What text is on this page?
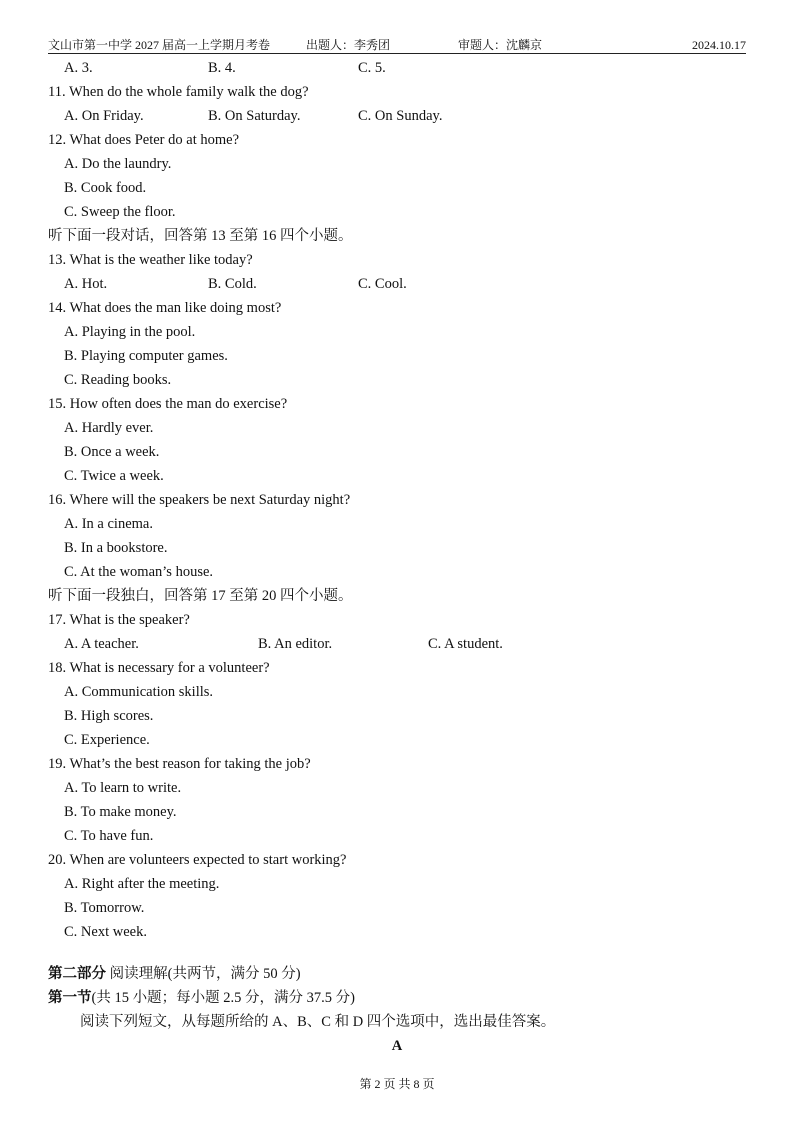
文山市第一中学 2027 届高一上学期月考卷	出题人：李秀团	审题人：沈麟京	2024.10.17
A. 3.	B. 4.	C. 5.
11. When do the whole family walk the dog?
A. On Friday.	B. On Saturday.	C. On Sunday.
12. What does Peter do at home?
A. Do the laundry.
B. Cook food.
C. Sweep the floor.
听下面一段对话，回答第 13 至第 16 四个小题。
13. What is the weather like today?
A. Hot.	B. Cold.	C. Cool.
14. What does the man like doing most?
A. Playing in the pool.
B. Playing computer games.
C. Reading books.
15. How often does the man do exercise?
A. Hardly ever.
B. Once a week.
C. Twice a week.
16. Where will the speakers be next Saturday night?
A. In a cinema.
B. In a bookstore.
C. At the woman’s house.
听下面一段独白，回答第 17 至第 20 四个小题。
17. What is the speaker?
A. A teacher.	B. An editor.	C. A student.
18. What is necessary for a volunteer?
A. Communication skills.
B. High scores.
C. Experience.
19. What’s the best reason for taking the job?
A. To learn to write.
B. To make money.
C. To have fun.
20. When are volunteers expected to start working?
A. Right after the meeting.
B. Tomorrow.
C. Next week.
第二部分 阅读理解(共两节，满分 50 分)
第一节(共 15 小题；每小题 2.5 分，满分 37.5 分)
阅读下列短文，从每题所给的 A、B、C 和 D 四个选项中，选出最佳答案。
A
第 2 页 共 8 页
